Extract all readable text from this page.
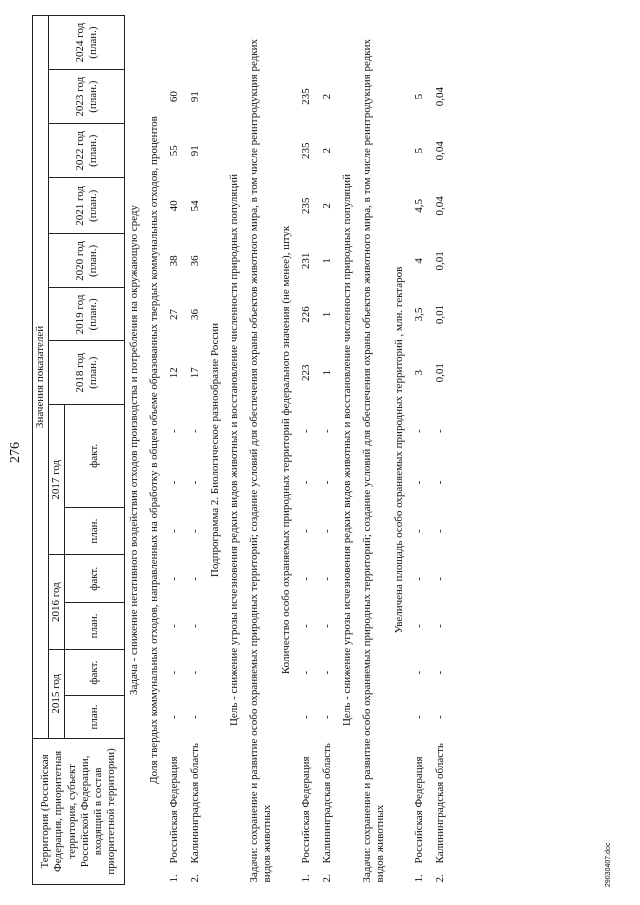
276
Территория (Российская Федерация, приоритетная территория, субъект Российской Федерации, входящий в состав приоритетной территории)		Значения показателей													
		2015 год		2016 год		2017 год			2018 год (план.)	2019 год (план.)	2020 год (план.)	2021 год (план.)	2022 год (план.)	2023 год (план.)	2024 год (план.)
		план.	факт.	план.	факт.	план.	факт.								
Задача - снижение негативного воздействия отходов производства и потребления на окружающую среду															
Доля твердых коммунальных отходов, направленных на обработку в общем объеме образованных твердых коммунальных отходов, процентов															
1.	Российская Федерация	-	-	-	-	-	-	-	12	27	38	40	55	60	
2.	Калининградская область	-	-	-	-	-	-	-	17	36	36	54	91	91	
Подпрограмма 2. Биологическое разнообразие России															
Цель - снижение угрозы исчезновения редких видов животных и восстановление численности природных популяций															
Задачи: сохранение и развитие особо охраняемых природных территорий; создание условий для обеспечения охраны объектов животного мира, в том числе реинтродукция редких видов животных															
Количество особо охраняемых природных территорий федерального значения (не менее), штук															
1.	Российская Федерация	-	-	-	-	-	-	-	223	226	231	235	235	235	
2.	Калининградская область	-	-	-	-	-	-	-	1	1	1	2	2	2	
Цель - снижение угрозы исчезновения редких видов животных и восстановление численности природных популяций															
Задачи: сохранение и развитие особо охраняемых природных территорий; создание условий для обеспечения охраны объектов животного мира, в том числе реинтродукция редких видов животных															
Увеличена площадь особо охраняемых природных территорий , млн. гектаров															
1.	Российская Федерация	-	-	-	-	-	-	-	3	3,5	4	4,5	5	5	
2.	Калининградская область	-	-	-	-	-	-	-	0,01	0,01	0,01	0,04	0,04	0,04	
29030407.doc
